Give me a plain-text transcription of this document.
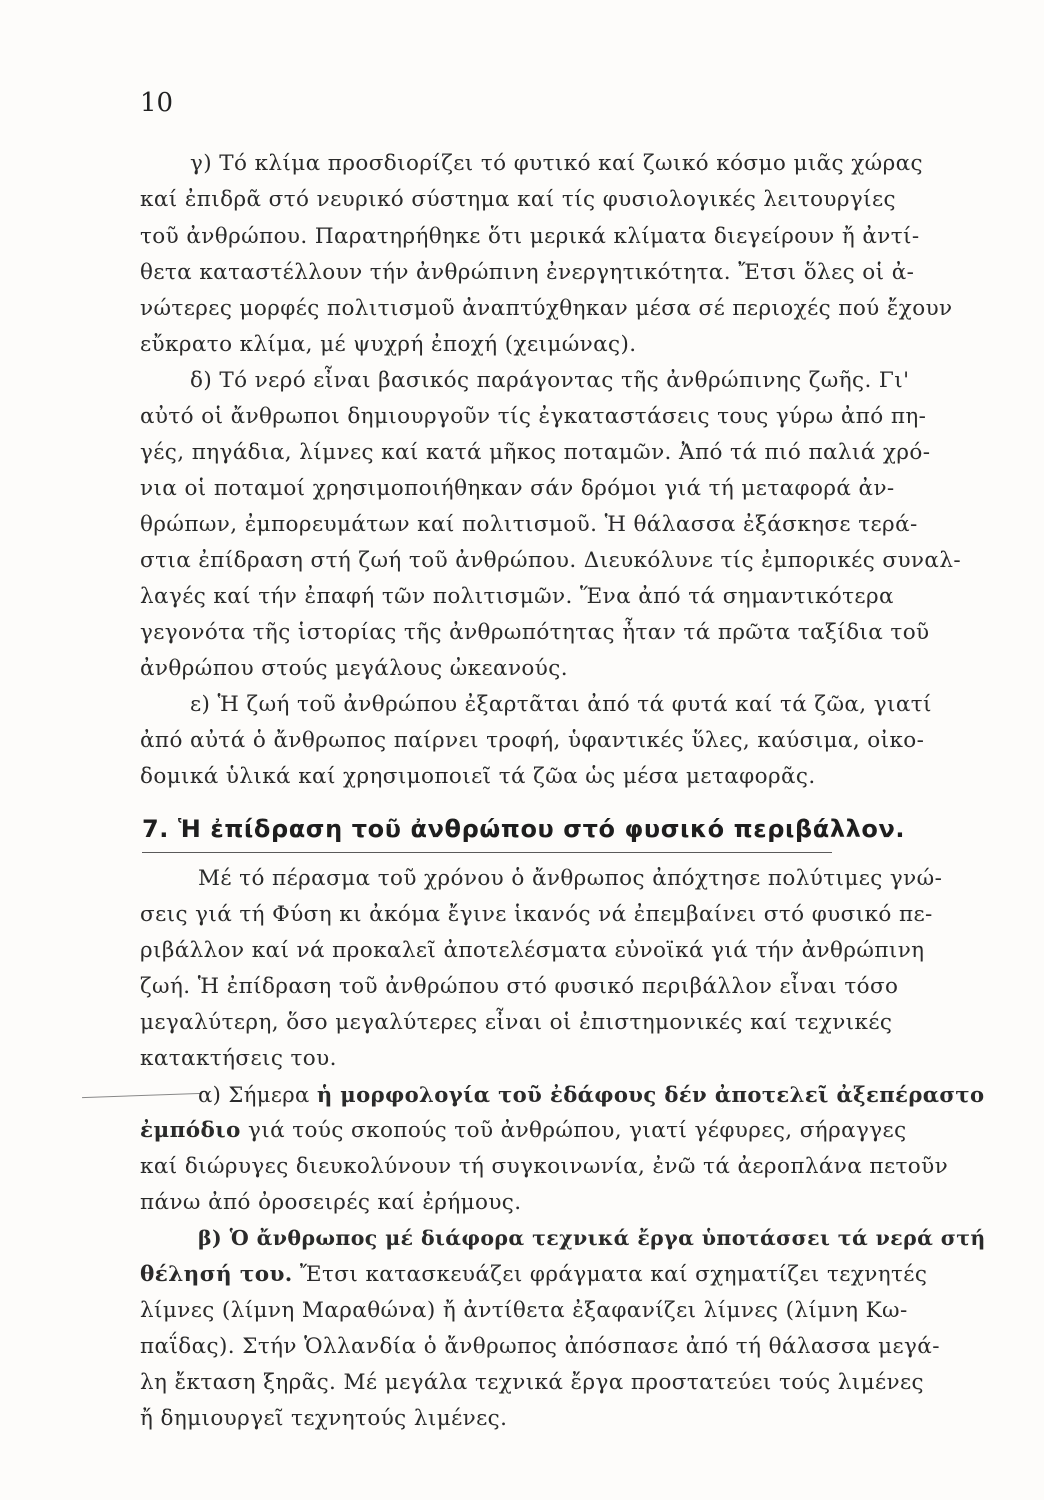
10
γ) Τό κλίμα προσδιορίζει τό φυτικό καί ζωικό κόσμο μιᾶς χώρας
καί ἐπιδρᾶ στό νευρικό σύστημα καί τίς φυσιολογικές λειτουργίες
τοῦ ἀνθρώπου. Παρατηρήθηκε ὅτι μερικά κλίματα διεγείρουν ἤ ἀντί-
θετα καταστέλλουν τήν ἀνθρώπινη ἐνεργητικότητα. Ἔτσι ὅλες οἱ ἀ-
νώτερες μορφές πολιτισμοῦ ἀναπτύχθηκαν μέσα σέ περιοχές πού ἔχουν
εὔκρατο κλίμα, μέ ψυχρή ἐποχή (χειμώνας).
δ) Τό νερό εἶναι βασικός παράγοντας τῆς ἀνθρώπινης ζωῆς. Γι'
αὐτό οἱ ἄνθρωποι δημιουργοῦν τίς ἐγκαταστάσεις τους γύρω ἀπό πη-
γές, πηγάδια, λίμνες καί κατά μῆκος ποταμῶν. Ἀπό τά πιό παλιά χρό-
νια οἱ ποταμοί χρησιμοποιήθηκαν σάν δρόμοι γιά τή μεταφορά ἀν-
θρώπων, ἐμπορευμάτων καί πολιτισμοῦ. Ἡ θάλασσα ἐξάσκησε τερά-
στια ἐπίδραση στή ζωή τοῦ ἀνθρώπου. Διευκόλυνε τίς ἐμπορικές συναλ-
λαγές καί τήν ἐπαφή τῶν πολιτισμῶν. Ἕνα ἀπό τά σημαντικότερα
γεγονότα τῆς ἱστορίας τῆς ἀνθρωπότητας ἦταν τά πρῶτα ταξίδια τοῦ
ἀνθρώπου στούς μεγάλους ὠκεανούς.
ε) Ἡ ζωή τοῦ ἀνθρώπου ἐξαρτᾶται ἀπό τά φυτά καί τά ζῶα, γιατί
ἀπό αὐτά ὁ ἄνθρωπος παίρνει τροφή, ὑφαντικές ὕλες, καύσιμα, οἰκο-
δομικά ὑλικά καί χρησιμοποιεῖ τά ζῶα ὡς μέσα μεταφορᾶς.
7. Ἡ ἐπίδραση τοῦ ἀνθρώπου στό φυσικό περιβάλλον.
Μέ τό πέρασμα τοῦ χρόνου ὁ ἄνθρωπος ἀπόχτησε πολύτιμες γνώ-
σεις γιά τή Φύση κι ἀκόμα ἔγινε ἱκανός νά ἐπεμβαίνει στό φυσικό πε-
ριβάλλον καί νά προκαλεῖ ἀποτελέσματα εὐνοϊκά γιά τήν ἀνθρώπινη
ζωή. Ἡ ἐπίδραση τοῦ ἀνθρώπου στό φυσικό περιβάλλον εἶναι τόσο
μεγαλύτερη, ὅσο μεγαλύτερες εἶναι οἱ ἐπιστημονικές καί τεχνικές
κατακτήσεις του.
α) Σήμερα ἡ μορφολογία τοῦ ἐδάφους δέν ἀποτελεῖ ἀξεπέραστο
ἐμπόδιο γιά τούς σκοπούς τοῦ ἀνθρώπου, γιατί γέφυρες, σήραγγες
καί διώρυγες διευκολύνουν τή συγκοινωνία, ἐνῶ τά ἀεροπλάνα πετοῦν
πάνω ἀπό ὀροσειρές καί ἐρήμους.
β) Ὁ ἄνθρωπος μέ διάφορα τεχνικά ἔργα ὑποτάσσει τά νερά στή
θέλησή του. Ἔτσι κατασκευάζει φράγματα καί σχηματίζει τεχνητές
λίμνες (λίμνη Μαραθώνα) ἤ ἀντίθετα ἐξαφανίζει λίμνες (λίμνη Κω-
παΐδας). Στήν Ὁλλανδία ὁ ἄνθρωπος ἀπόσπασε ἀπό τή θάλασσα μεγά-
λη ἔκταση ξηρᾶς. Μέ μεγάλα τεχνικά ἔργα προστατεύει τούς λιμένες
ἤ δημιουργεῖ τεχνητούς λιμένες.
